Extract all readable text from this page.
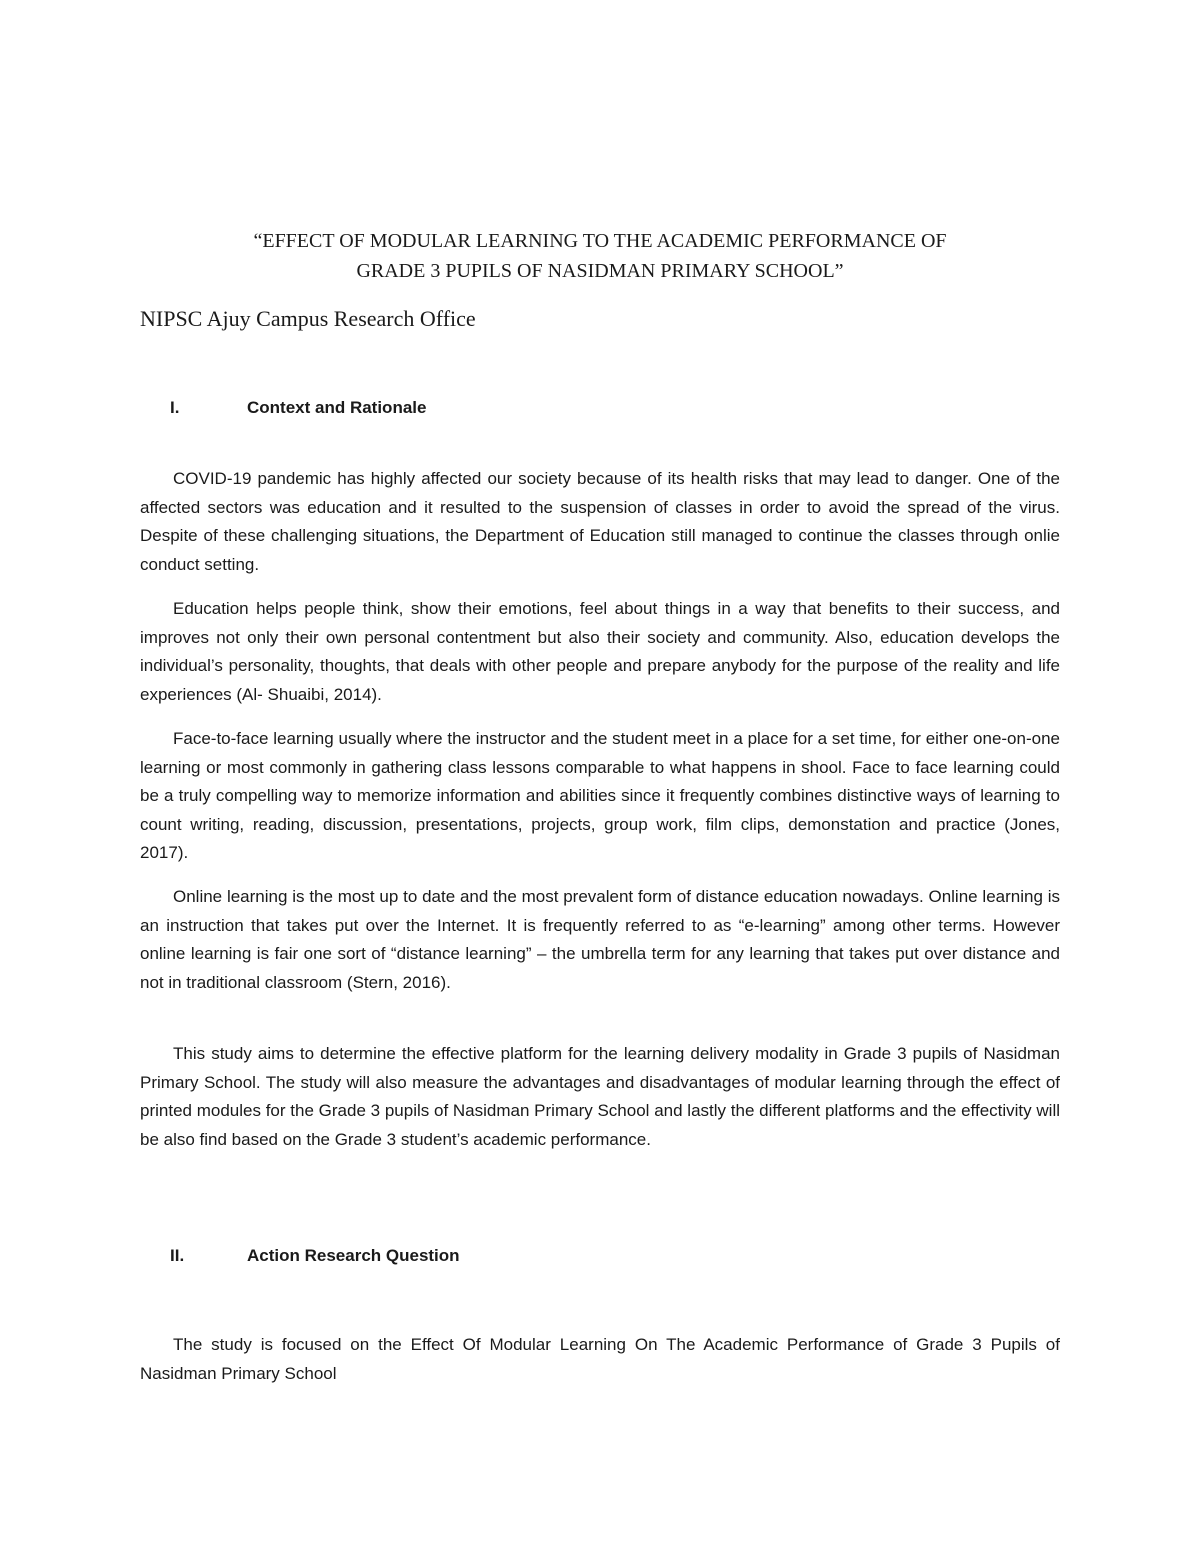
“EFFECT OF MODULAR LEARNING TO THE ACADEMIC PERFORMANCE OF
GRADE 3 PUPILS OF NASIDMAN PRIMARY SCHOOL”
NIPSC Ajuy Campus Research Office
I.	Context and Rationale

COVID-19 pandemic has highly affected our society because of its health risks that may lead to danger. One of the affected sectors was education and it resulted to the suspension of classes in order to avoid the spread of the virus. Despite of these challenging situations, the Department of Education still managed to continue the classes through onlie conduct setting.

Education helps people think, show their emotions, feel about things in a way that benefits to their success, and improves not only their own personal contentment but also their society and community. Also, education develops the individual’s personality, thoughts, that deals with other people and prepare anybody for the purpose of the reality and life experiences (Al- Shuaibi, 2014).

Face-to-face learning usually where the instructor and the student meet in a place for a set time, for either one-on-one learning or most commonly in gathering class lessons comparable to what happens in shool. Face to face learning could be a truly compelling way to memorize information and abilities since it frequently combines distinctive ways of learning to count writing, reading, discussion, presentations, projects, group work, film clips, demonstation and practice (Jones, 2017).

Online learning is the most up to date and the most prevalent form of distance education nowadays. Online learning is an instruction that takes put over the Internet. It is frequently referred to as “e-learning” among other terms. However online learning is fair one sort of “distance learning” – the umbrella term for any learning that takes put over distance and not in traditional classroom (Stern, 2016).

This study aims to determine the effective platform for the learning delivery modality in Grade 3 pupils of Nasidman Primary School. The study will also measure the advantages and disadvantages of modular learning through the effect of printed modules for the Grade 3 pupils of Nasidman Primary School and lastly the different platforms and the effectivity will be also find based on the Grade 3 student’s academic performance.

II.	Action Research Question

The study is focused on the Effect Of Modular Learning On The Academic Performance of Grade 3 Pupils of Nasidman Primary School
